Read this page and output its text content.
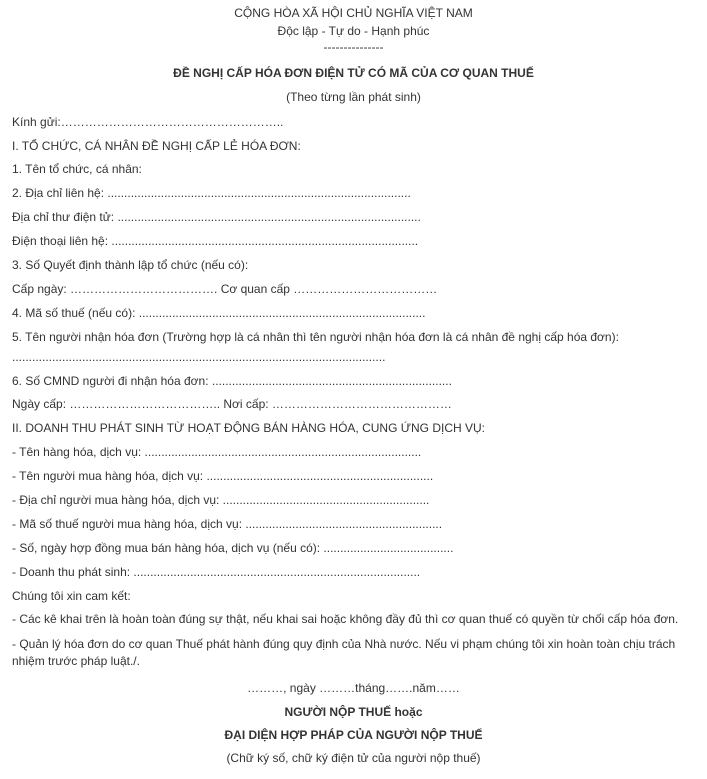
CỘNG HÒA XÃ HỘI CHỦ NGHĨA VIỆT NAM

Độc lập - Tự do - Hạnh phúc

---------------

ĐỀ NGHỊ CẤP HÓA ĐƠN ĐIỆN TỬ CÓ MÃ CỦA CƠ QUAN THUẾ

(Theo từng lần phát sinh)

Kính gửi:………………………………………………..

I. TỔ CHỨC, CÁ NHÂN ĐỀ NGHỊ CẤP LẺ HÓA ĐƠN:

1. Tên tổ chức, cá nhân:

2. Địa chỉ liên hệ: ...........................................................................................

Địa chỉ thư điện tử: ...........................................................................................

Điện thoại liên hệ: ............................................................................................

3. Số Quyết định thành lập tổ chức (nếu có):

Cấp ngày: ………………………………. Cơ quan cấp ………………………………

4. Mã số thuế (nếu có): ......................................................................................

5. Tên người nhận hóa đơn (Trường hợp là cá nhân thì tên người nhận hóa đơn là cá nhân đề nghị cấp hóa đơn):

................................................................................................................

6. Số CMND người đi nhận hóa đơn: ........................................................................

Ngày cấp: ……………………………….. Nơi cấp: ………………………………………

II. DOANH THU PHÁT SINH TỪ HOẠT ĐỘNG BÁN HÀNG HÓA, CUNG ỨNG DỊCH VỤ:

- Tên hàng hóa, dịch vụ: ...................................................................................

- Tên người mua hàng hóa, dịch vụ: ....................................................................

- Địa chỉ người mua hàng hóa, dịch vụ: ..............................................................

- Mã số thuế người mua hàng hóa, dịch vụ: ...........................................................

- Số, ngày hợp đồng mua bán hàng hóa, dịch vụ (nếu có): .......................................

- Doanh thu phát sinh: ......................................................................................

Chúng tôi xin cam kết:

- Các kê khai trên là hoàn toàn đúng sự thật, nếu khai sai hoặc không đầy đủ thì cơ quan thuế có quyền từ chối cấp hóa đơn.

- Quản lý hóa đơn do cơ quan Thuế phát hành đúng quy định của Nhà nước. Nếu vi phạm chúng tôi xin hoàn toàn chịu trách nhiệm trước pháp luật./.

………, ngày ………tháng…….năm……

NGƯỜI NỘP THUẾ hoặc

ĐẠI DIỆN HỢP PHÁP CỦA NGƯỜI NỘP THUẾ

(Chữ ký số, chữ ký điện tử của người nộp thuế)
